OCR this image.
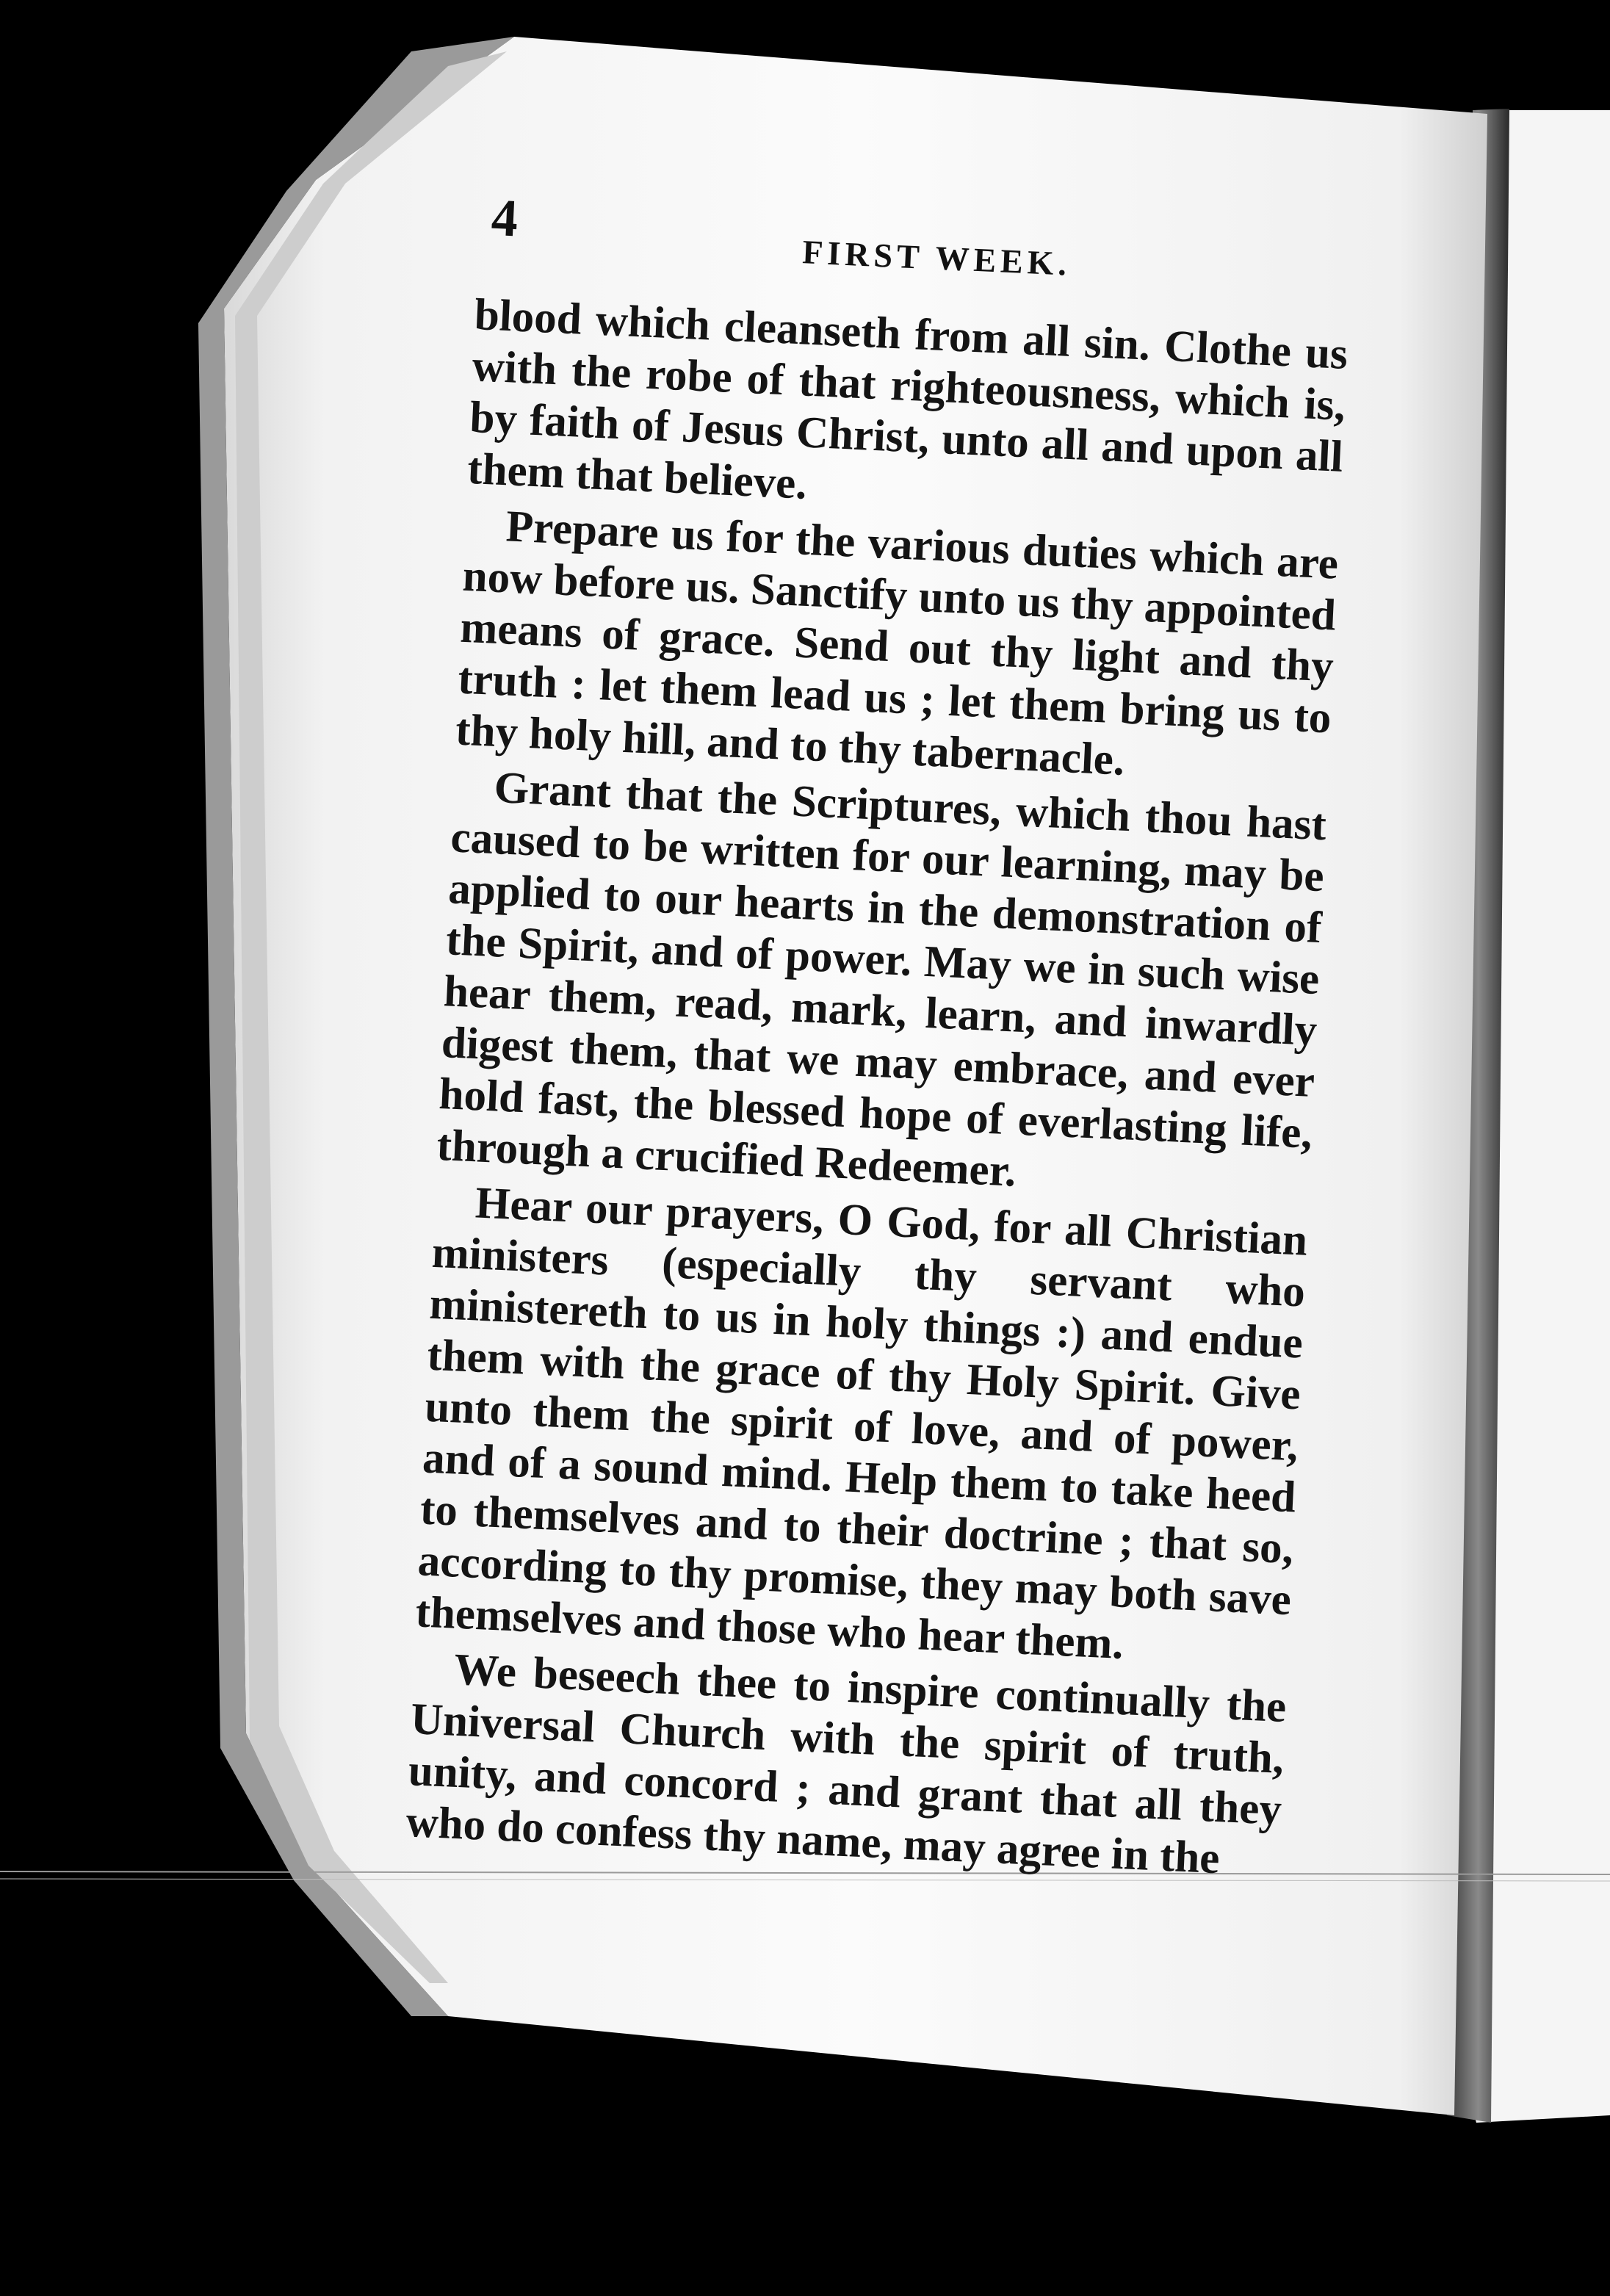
4
FIRST WEEK.

blood which cleanseth from all sin. Clothe us with the robe of that righteousness, which is, by faith of Jesus Christ, unto all and upon all them that believe.

Prepare us for the various duties which are now before us. Sanctify unto us thy appointed means of grace. Send out thy light and thy truth : let them lead us ; let them bring us to thy holy hill, and to thy tabernacle.

Grant that the Scriptures, which thou hast caused to be written for our learning, may be applied to our hearts in the demonstration of the Spirit, and of power. May we in such wise hear them, read, mark, learn, and inwardly digest them, that we may embrace, and ever hold fast, the blessed hope of everlasting life, through a crucified Redeemer.

Hear our prayers, O God, for all Christian ministers (especially thy servant who ministereth to us in holy things :) and endue them with the grace of thy Holy Spirit. Give unto them the spirit of love, and of power, and of a sound mind. Help them to take heed to themselves and to their doctrine ; that so, according to thy promise, they may both save themselves and those who hear them.

We beseech thee to inspire continually the Universal Church with the spirit of truth, unity, and concord ; and grant that all they who do confess thy name, may agree in the
